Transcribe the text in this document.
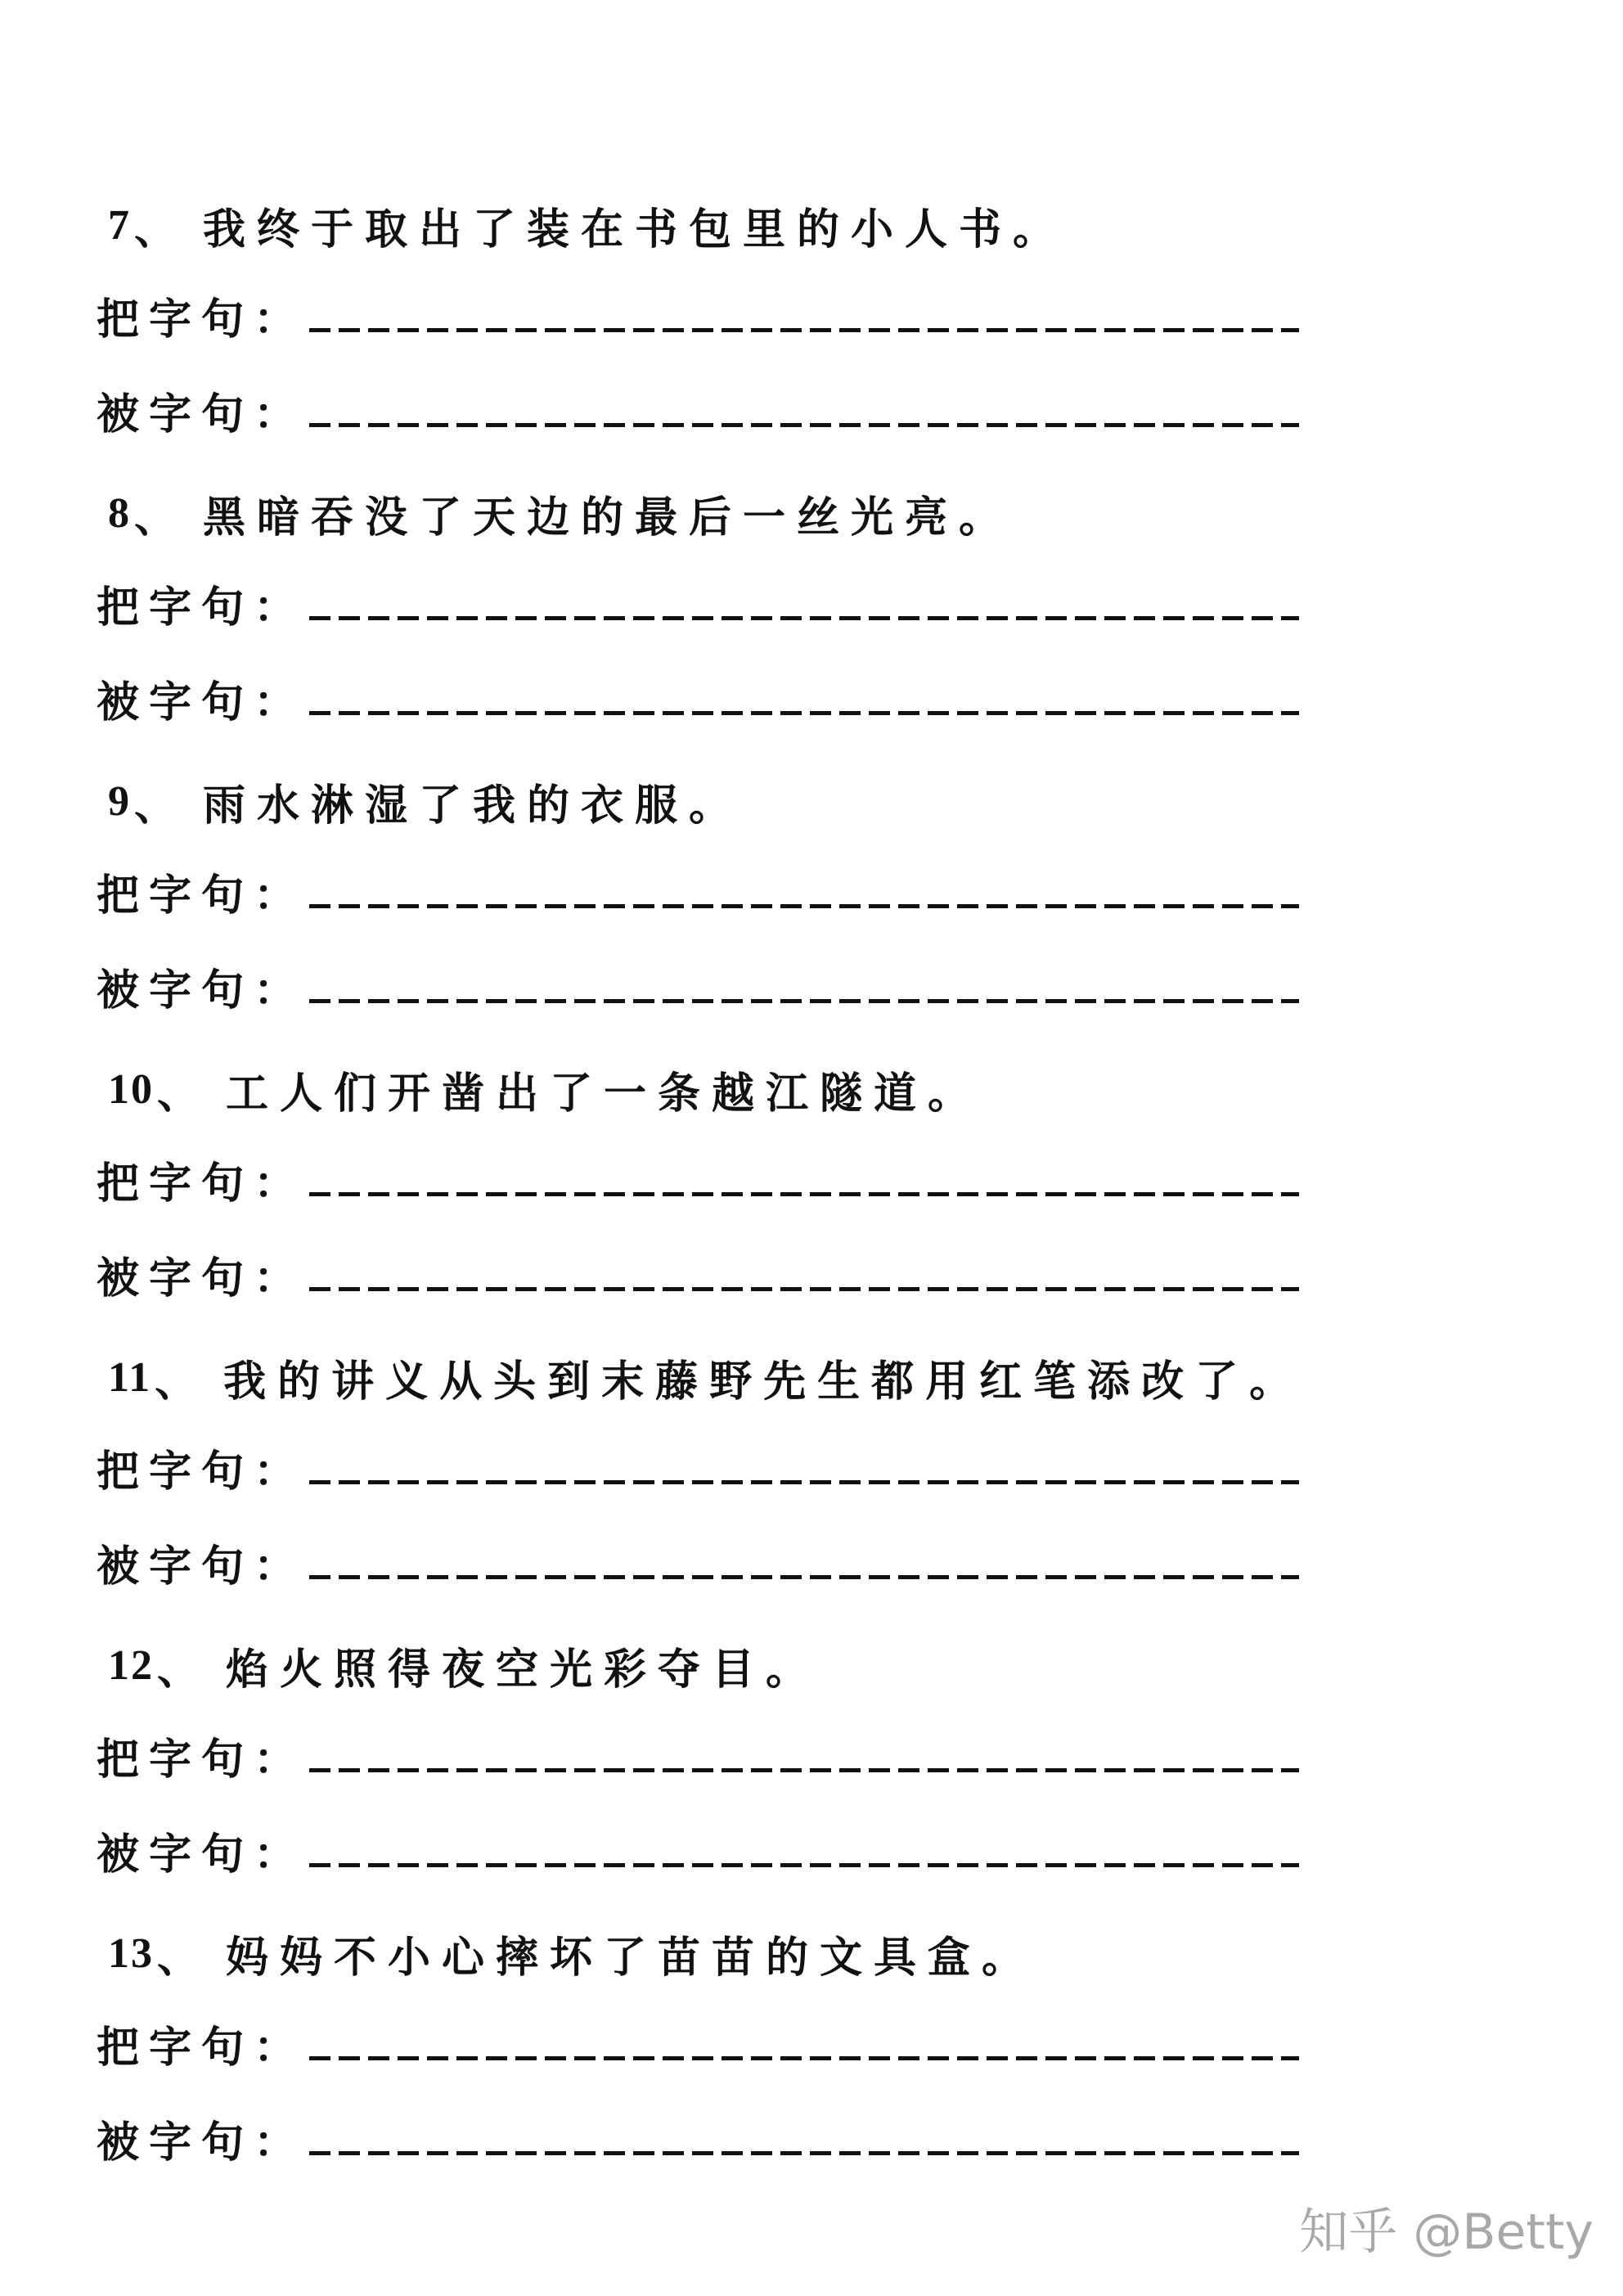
7 、 我终于取出了装在书包里的小人书。
把字句：
被字句：
8 、 黑暗吞没了天边的最后一丝光亮。
把字句：
被字句：
9 、 雨水淋湿了我的衣服。
把字句：
被字句：
10 、 工人们开凿出了一条越江隧道。
把字句：
被字句：
11 、 我的讲义从头到末藤野先生都用红笔添改了。
把字句：
被字句：
12 、 焰火照得夜空光彩夺目。
把字句：
被字句：
13 、 妈妈不小心摔坏了苗苗的文具盒。
把字句：
被字句：
知乎 @Betty
